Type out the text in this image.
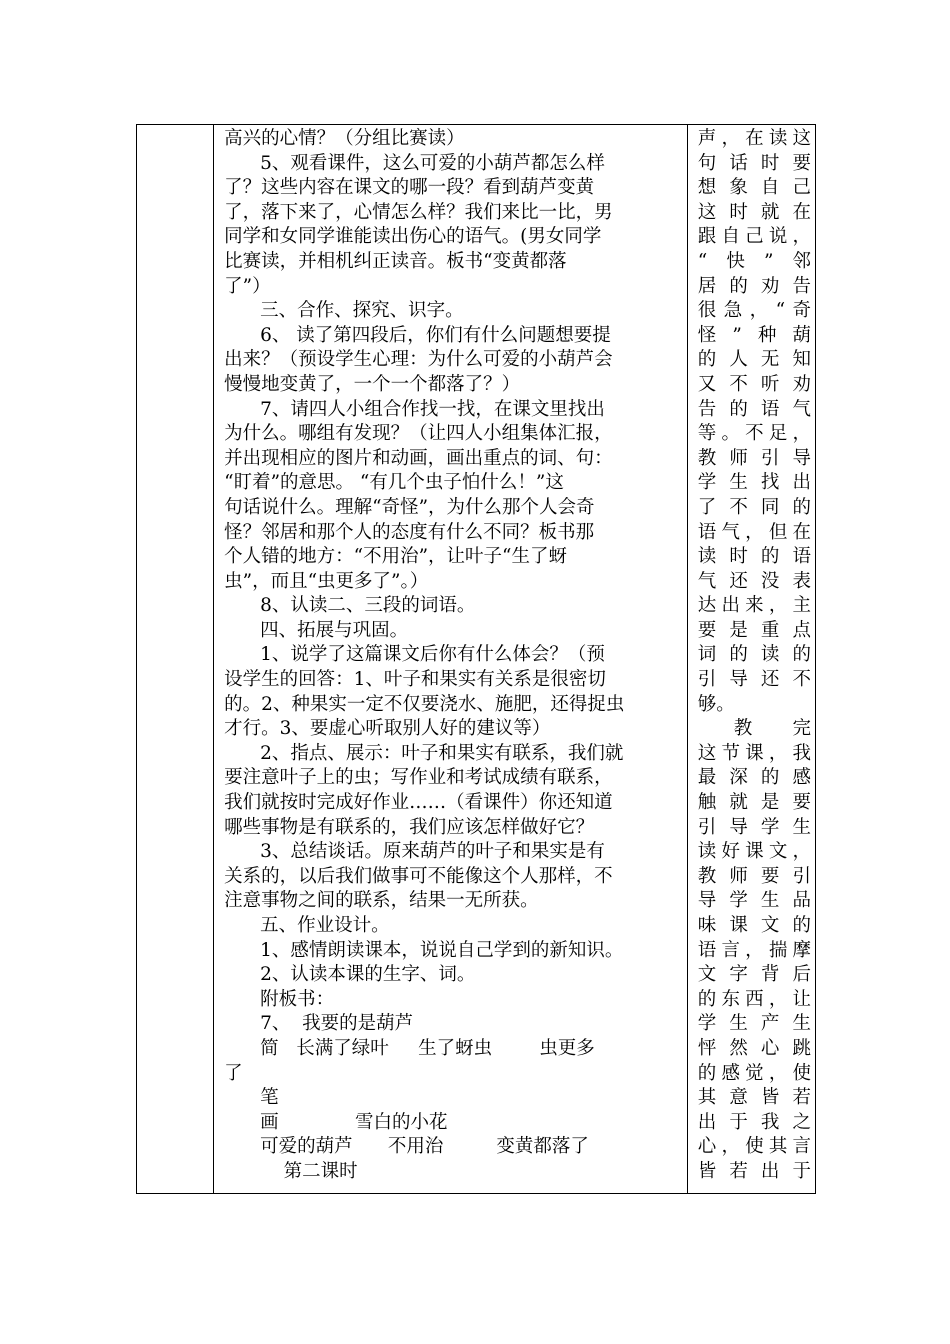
高兴的心情？（分组比赛读）
5、观看课件，这么可爱的小葫芦都怎么样
了？这些内容在课文的哪一段？看到葫芦变黄
了，落下来了，心情怎么样？我们来比一比，男
同学和女同学谁能读出伤心的语气。(男女同学
比赛读，并相机纠正读音。板书“变黄都落
了”）
三、合作、探究、识字。
6、 读了第四段后，你们有什么问题想要提
出来？（预设学生心理：为什么可爱的小葫芦会
慢慢地变黄了，一个一个都落了？）
7、请四人小组合作找一找，在课文里找出
为什么。哪组有发现？（让四人小组集体汇报，
并出现相应的图片和动画，画出重点的词、句：
“盯着”的意思。 “有几个虫子怕什么！”这
句话说什么。理解“奇怪”，为什么那个人会奇
怪？邻居和那个人的态度有什么不同？板书那
个人错的地方：“不用治”，让叶子“生了蚜
虫”，而且“虫更多了”。）
8、认读二、三段的词语。
四、拓展与巩固。
1、说学了这篇课文后你有什么体会？（预
设学生的回答：1、叶子和果实有关系是很密切
的。2、种果实一定不仅要浇水、施肥，还得捉虫
才行。3、要虚心听取别人好的建议等）
2、指点、展示：叶子和果实有联系，我们就
要注意叶子上的虫；写作业和考试成绩有联系，
我们就按时完成好作业……（看课件）你还知道
哪些事物是有联系的，我们应该怎样做好它？
3、总结谈话。原来葫芦的叶子和果实是有
关系的，以后我们做事可不能像这个人那样，不
注意事物之间的联系，结果一无所获。
五、作业设计。
1、感情朗读课本，说说自己学到的新知识。
2、认读本课的生字、词。
附板书：
7、  我要的是葫芦
简   长满了绿叶     生了蚜虫        虫更多
了
笔
画             雪白的小花
可爱的葫芦      不用治         变黄都落了
第二课时

声，在读这
句话时要
想象自己
这时就在
跟自己说，
“快”邻
居的劝告
很急，“奇
怪”种葫
的人无知
又不听劝
告的语气
等。不足，
教师引导
学生找出
了不同的
语气，但在
读时的语
气还没表
达出来，主
要是重点
词的读的
引导还不
够。
教完
这节课，我
最深的感
触就是要
引导学生
读好课文，
教师要引
导学生品
味课文的
语言，揣摩
文字背后
的东西，让
学生产生
怦然心跳
的感觉，使
其意皆若
出于我之
心，使其言
皆若出于
